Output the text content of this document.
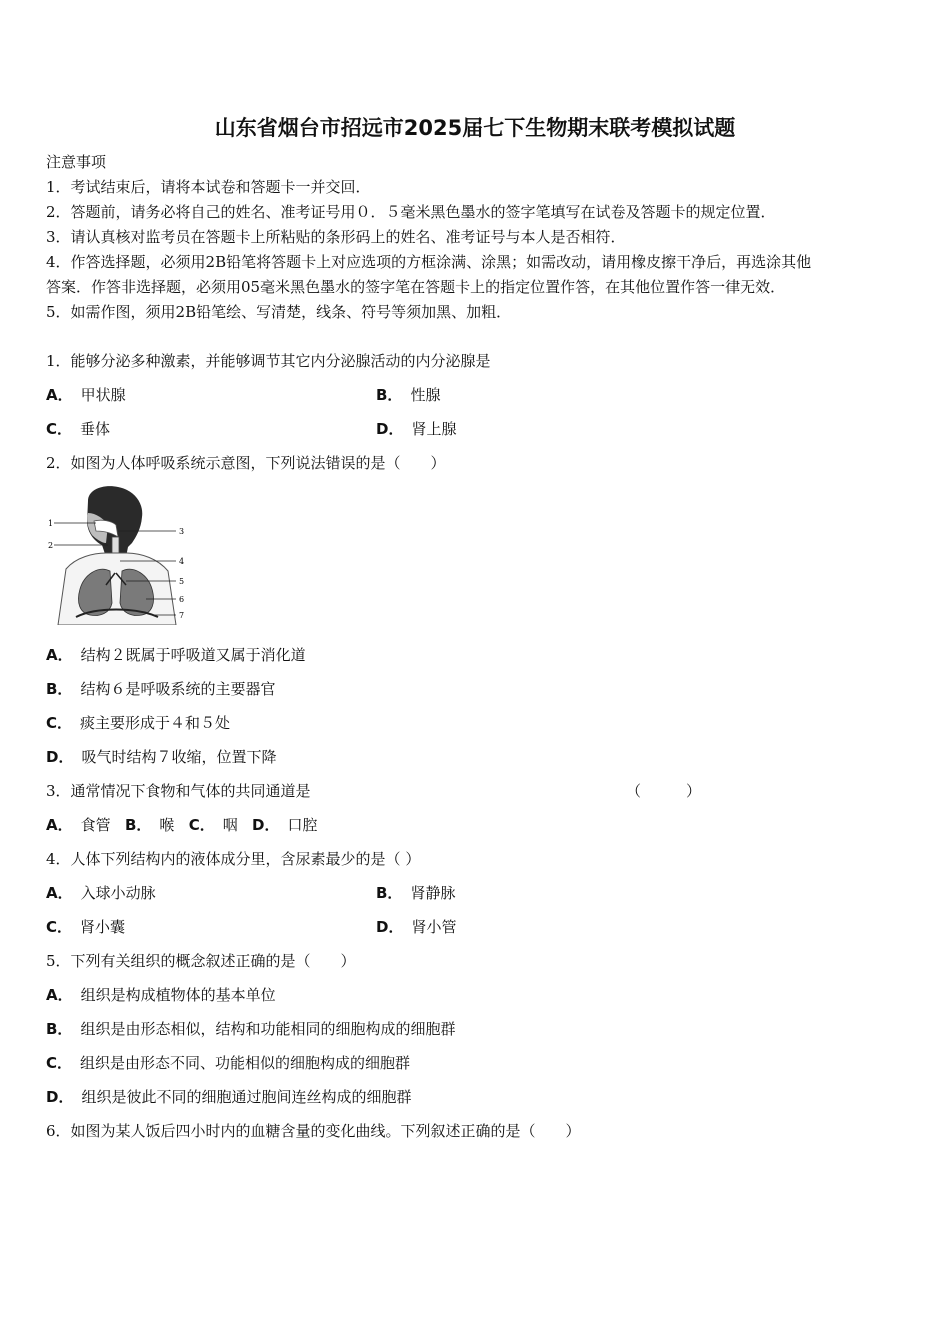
山东省烟台市招远市2025届七下生物期末联考模拟试题
注意事项
1．考试结束后，请将本试卷和答题卡一并交回．
2．答题前，请务必将自己的姓名、准考证号用０．５毫米黑色墨水的签字笔填写在试卷及答题卡的规定位置．
3．请认真核对监考员在答题卡上所粘贴的条形码上的姓名、准考证号与本人是否相符．
4．作答选择题，必须用2B铅笔将答题卡上对应选项的方框涂满、涂黑；如需改动，请用橡皮擦干净后，再选涂其他
答案．作答非选择题，必须用05毫米黑色墨水的签字笔在答题卡上的指定位置作答，在其他位置作答一律无效．
5．如需作图，须用2B铅笔绘、写清楚，线条、符号等须加黑、加粗．
1．能够分泌多种激素，并能够调节其它内分泌腺活动的内分泌腺是
A． 甲状腺	B． 性腺
C． 垂体	D． 肾上腺
2．如图为人体呼吸系统示意图，下列说法错误的是（　　）
1
2
3
4
5
6
7
A． 结构２既属于呼吸道又属于消化道
B． 结构６是呼吸系统的主要器官
C． 痰主要形成于４和５处
D． 吸气时结构７收缩，位置下降
3．通常情况下食物和气体的共同通道是	（　　　）
A． 食管 B． 喉 C． 咽 D． 口腔
4．人体下列结构内的液体成分里，含尿素最少的是（ ）
A． 入球小动脉	B． 肾静脉
C． 肾小囊	D． 肾小管
5．下列有关组织的概念叙述正确的是（　　）
A． 组织是构成植物体的基本单位
B． 组织是由形态相似，结构和功能相同的细胞构成的细胞群
C． 组织是由形态不同、功能相似的细胞构成的细胞群
D． 组织是彼此不同的细胞通过胞间连丝构成的细胞群
6．如图为某人饭后四小时内的血糖含量的变化曲线。下列叙述正确的是（　　）
